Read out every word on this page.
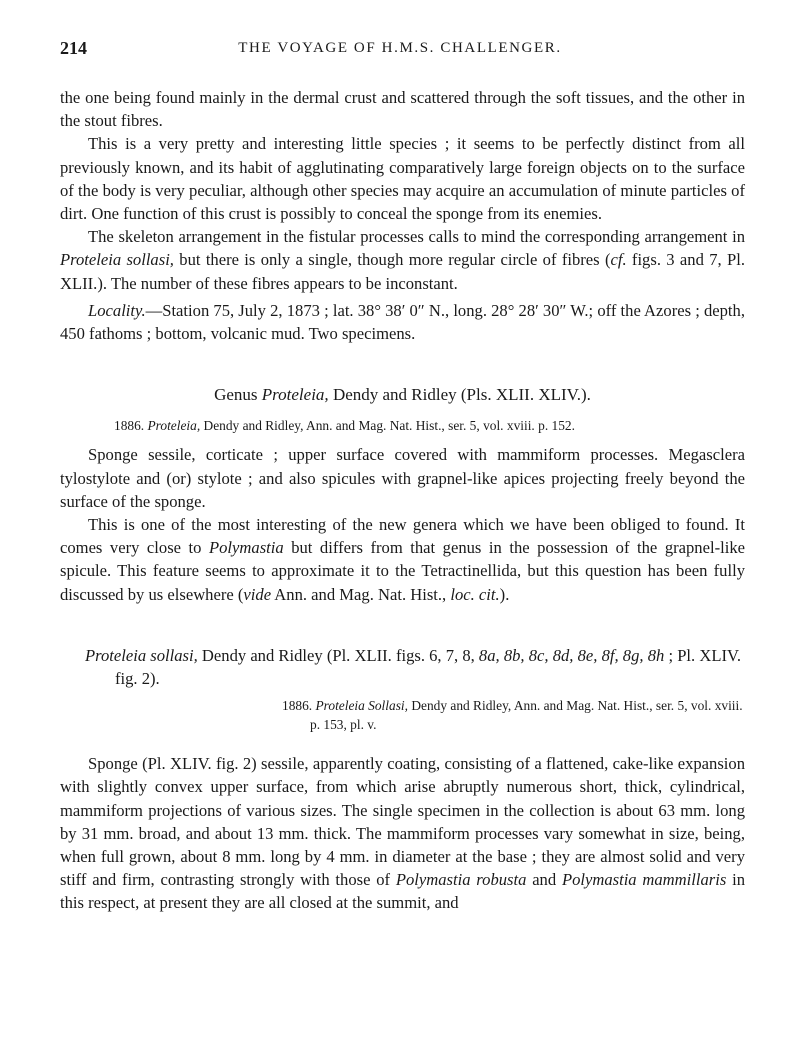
214	THE VOYAGE OF H.M.S. CHALLENGER.

the one being found mainly in the dermal crust and scattered through the soft tissues, and the other in the stout fibres.

This is a very pretty and interesting little species ; it seems to be perfectly distinct from all previously known, and its habit of agglutinating comparatively large foreign objects on to the surface of the body is very peculiar, although other species may acquire an accumulation of minute particles of dirt. One function of this crust is possibly to conceal the sponge from its enemies.

The skeleton arrangement in the fistular processes calls to mind the corresponding arrangement in Proteleia sollasi, but there is only a single, though more regular circle of fibres (cf. figs. 3 and 7, Pl. XLII.). The number of these fibres appears to be inconstant.

Locality.—Station 75, July 2, 1873 ; lat. 38° 38′ 0″ N., long. 28° 28′ 30″ W.; off the Azores ; depth, 450 fathoms ; bottom, volcanic mud. Two specimens.

Genus Proteleia, Dendy and Ridley (Pls. XLII. XLIV.).

1886. Proteleia, Dendy and Ridley, Ann. and Mag. Nat. Hist., ser. 5, vol. xviii. p. 152.

Sponge sessile, corticate ; upper surface covered with mammiform processes. Megasclera tylostylote and (or) stylote ; and also spicules with grapnel-like apices projecting freely beyond the surface of the sponge.

This is one of the most interesting of the new genera which we have been obliged to found. It comes very close to Polymastia but differs from that genus in the possession of the grapnel-like spicule. This feature seems to approximate it to the Tetractinellida, but this question has been fully discussed by us elsewhere (vide Ann. and Mag. Nat. Hist., loc. cit.).

Proteleia sollasi, Dendy and Ridley (Pl. XLII. figs. 6, 7, 8, 8a, 8b, 8c, 8d, 8e, 8f, 8g, 8h ; Pl. XLIV. fig. 2).

1886. Proteleia Sollasi, Dendy and Ridley, Ann. and Mag. Nat. Hist., ser. 5, vol. xviii. p. 153, pl. v.

Sponge (Pl. XLIV. fig. 2) sessile, apparently coating, consisting of a flattened, cake-like expansion with slightly convex upper surface, from which arise abruptly numerous short, thick, cylindrical, mammiform projections of various sizes. The single specimen in the collection is about 63 mm. long by 31 mm. broad, and about 13 mm. thick. The mammiform processes vary somewhat in size, being, when full grown, about 8 mm. long by 4 mm. in diameter at the base ; they are almost solid and very stiff and firm, contrasting strongly with those of Polymastia robusta and Polymastia mammillaris in this respect, at present they are all closed at the summit, and
